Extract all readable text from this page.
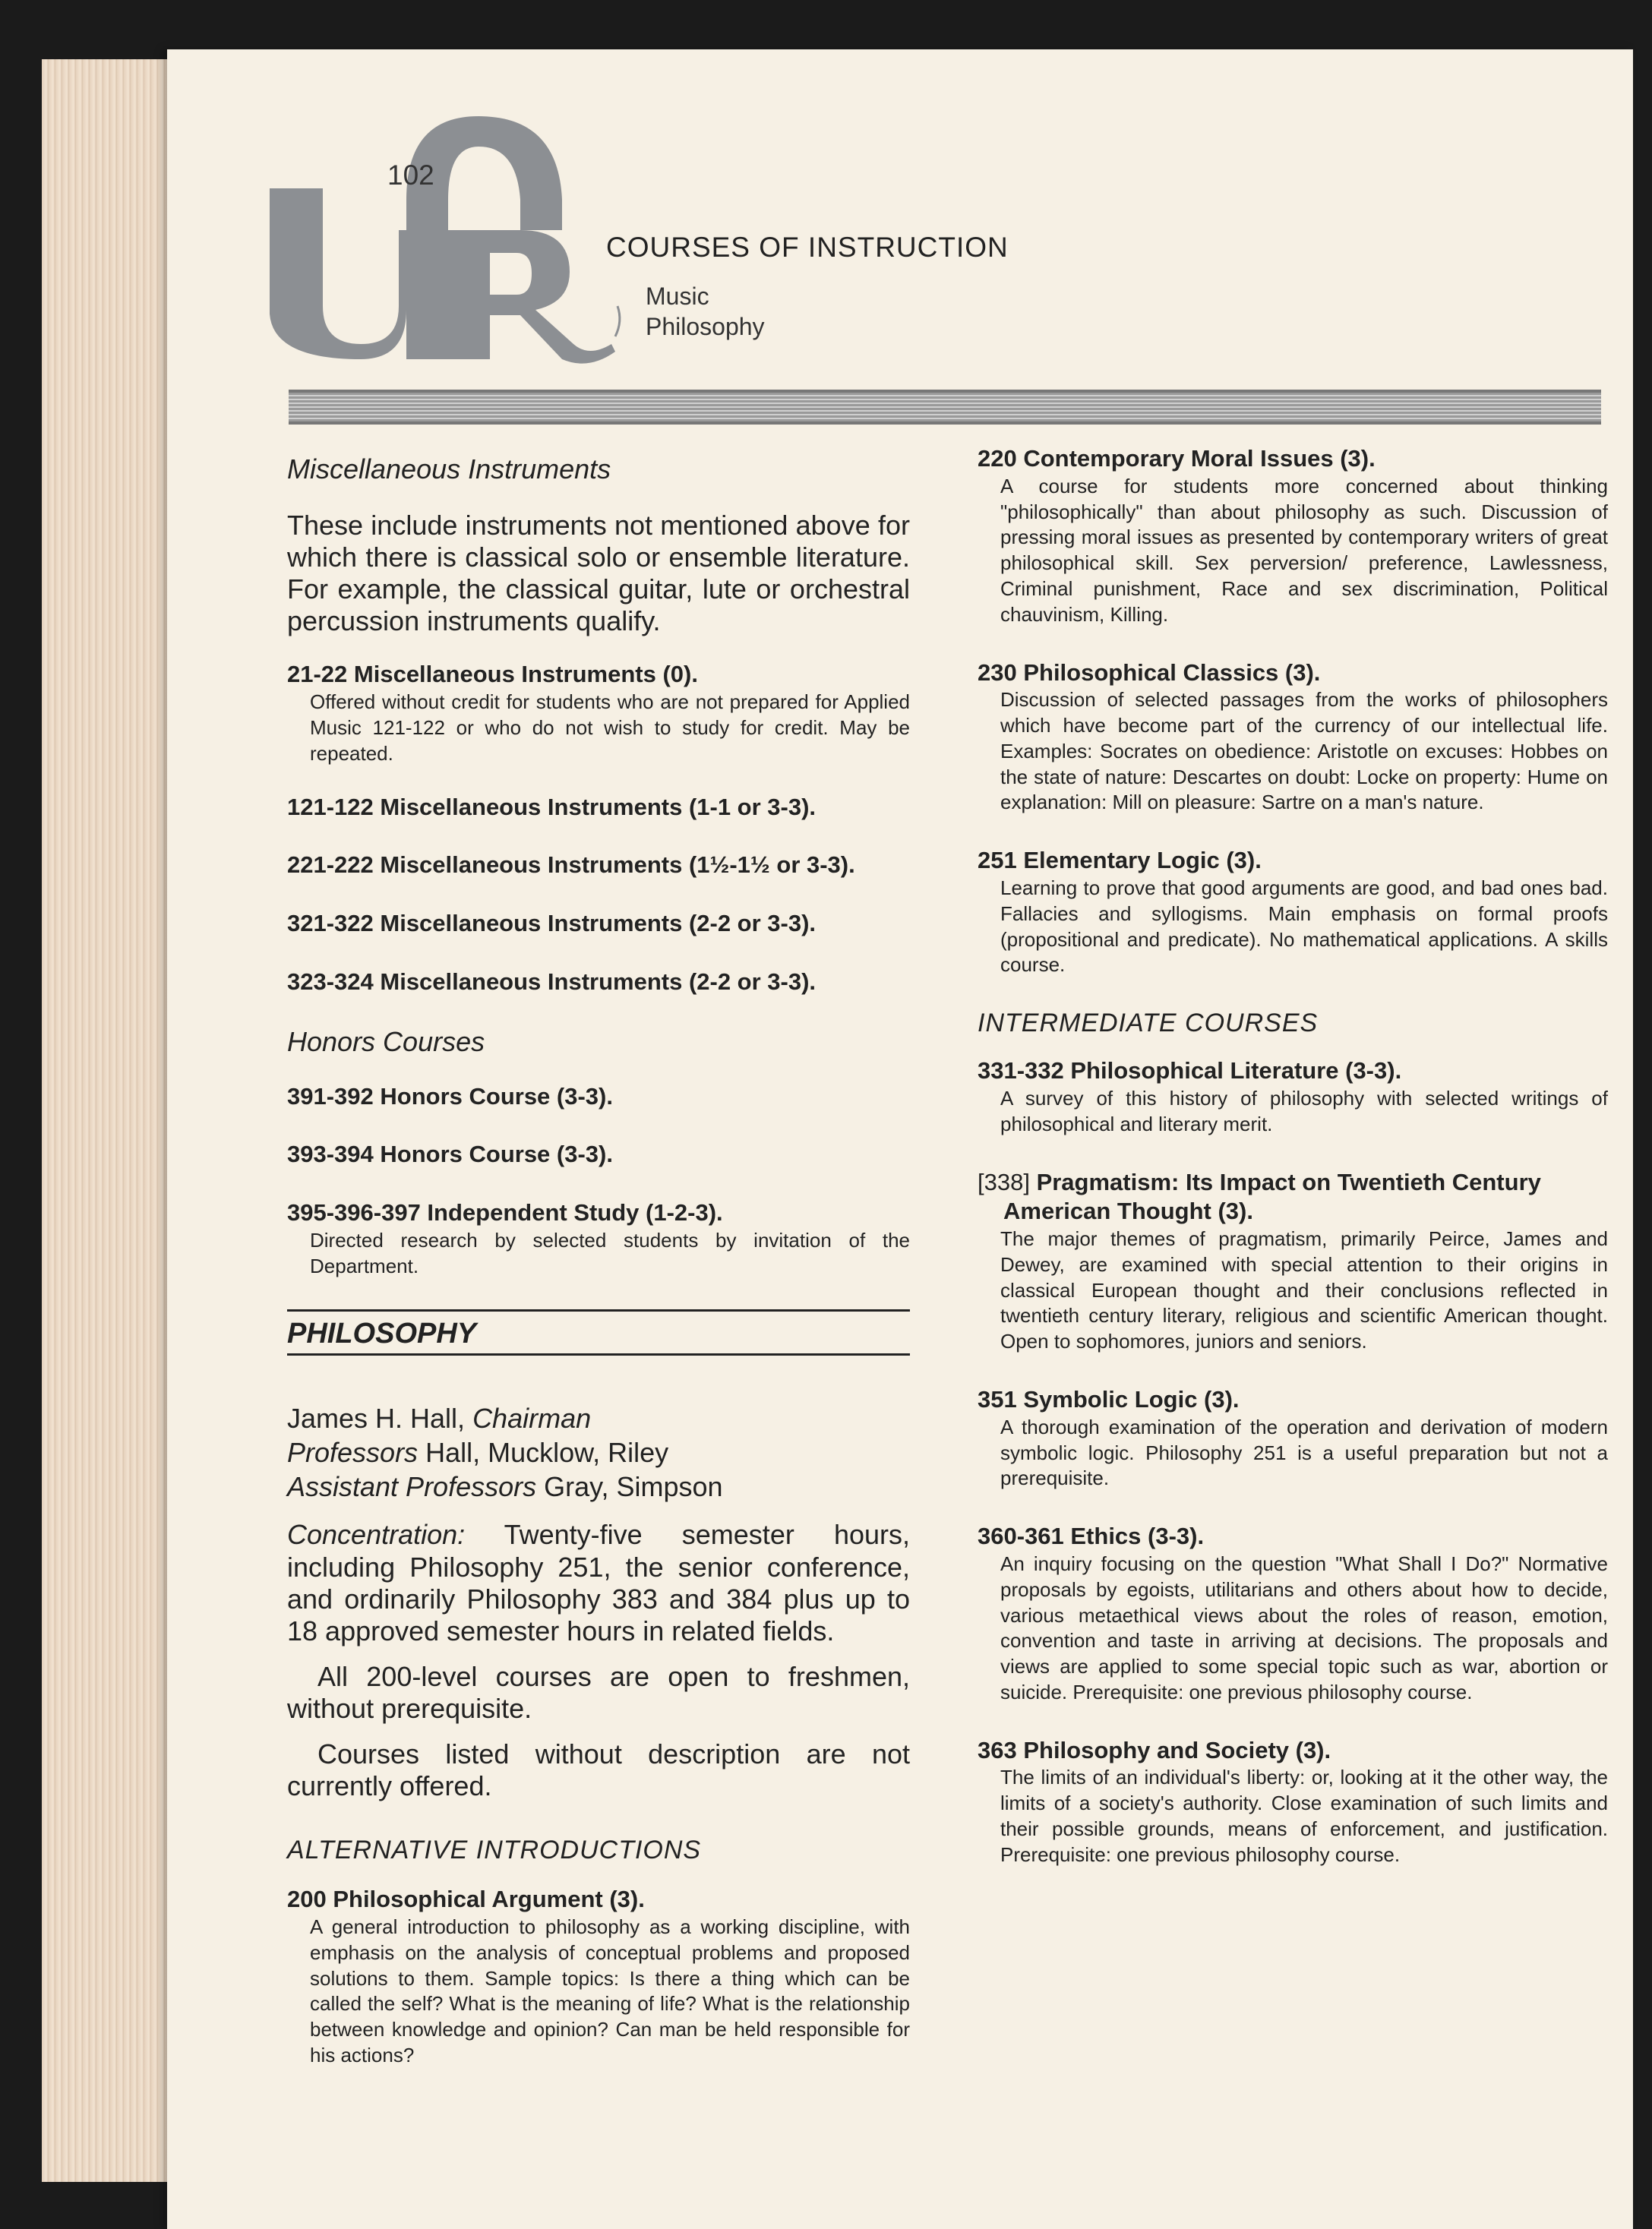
102
COURSES OF INSTRUCTION
Music
Philosophy
Miscellaneous Instruments

These include instruments not mentioned above for which there is classical solo or ensemble literature. For example, the classical guitar, lute or orchestral percussion instruments qualify.

21-22 Miscellaneous Instruments (0).
Offered without credit for students who are not prepared for Applied Music 121-122 or who do not wish to study for credit. May be repeated.
121-122 Miscellaneous Instruments (1-1 or 3-3).
221-222 Miscellaneous Instruments (1½-1½ or 3-3).
321-322 Miscellaneous Instruments (2-2 or 3-3).
323-324 Miscellaneous Instruments (2-2 or 3-3).
Honors Courses
391-392 Honors Course (3-3).
393-394 Honors Course (3-3).
395-396-397 Independent Study (1-2-3).
Directed research by selected students by invitation of the Department.
PHILOSOPHY
James H. Hall, Chairman
Professors Hall, Mucklow, Riley
Assistant Professors Gray, Simpson

Concentration: Twenty-five semester hours, including Philosophy 251, the senior conference, and ordinarily Philosophy 383 and 384 plus up to 18 approved semester hours in related fields.

All 200-level courses are open to freshmen, without prerequisite.

Courses listed without description are not currently offered.

ALTERNATIVE INTRODUCTIONS
200 Philosophical Argument (3).
A general introduction to philosophy as a working discipline, with emphasis on the analysis of conceptual problems and proposed solutions to them. Sample topics: Is there a thing which can be called the self? What is the meaning of life? What is the relationship between knowledge and opinion? Can man be held responsible for his actions?
220 Contemporary Moral Issues (3).
A course for students more concerned about thinking "philosophically" than about philosophy as such. Discussion of pressing moral issues as presented by contemporary writers of great philosophical skill. Sex perversion/ preference, Lawlessness, Criminal punishment, Race and sex discrimination, Political chauvinism, Killing.
230 Philosophical Classics (3).
Discussion of selected passages from the works of philosophers which have become part of the currency of our intellectual life. Examples: Socrates on obedience: Aristotle on excuses: Hobbes on the state of nature: Descartes on doubt: Locke on property: Hume on explanation: Mill on pleasure: Sartre on a man's nature.
251 Elementary Logic (3).
Learning to prove that good arguments are good, and bad ones bad. Fallacies and syllogisms. Main emphasis on formal proofs (propositional and predicate). No mathematical applications. A skills course.
INTERMEDIATE COURSES
331-332 Philosophical Literature (3-3).
A survey of this history of philosophy with selected writings of philosophical and literary merit.
[338] Pragmatism: Its Impact on Twentieth Century American Thought (3).
The major themes of pragmatism, primarily Peirce, James and Dewey, are examined with special attention to their origins in classical European thought and their conclusions reflected in twentieth century literary, religious and scientific American thought. Open to sophomores, juniors and seniors.
351 Symbolic Logic (3).
A thorough examination of the operation and derivation of modern symbolic logic. Philosophy 251 is a useful preparation but not a prerequisite.
360-361 Ethics (3-3).
An inquiry focusing on the question "What Shall I Do?" Normative proposals by egoists, utilitarians and others about how to decide, various metaethical views about the roles of reason, emotion, convention and taste in arriving at decisions. The proposals and views are applied to some special topic such as war, abortion or suicide. Prerequisite: one previous philosophy course.
363 Philosophy and Society (3).
The limits of an individual's liberty: or, looking at it the other way, the limits of a society's authority. Close examination of such limits and their possible grounds, means of enforcement, and justification. Prerequisite: one previous philosophy course.
